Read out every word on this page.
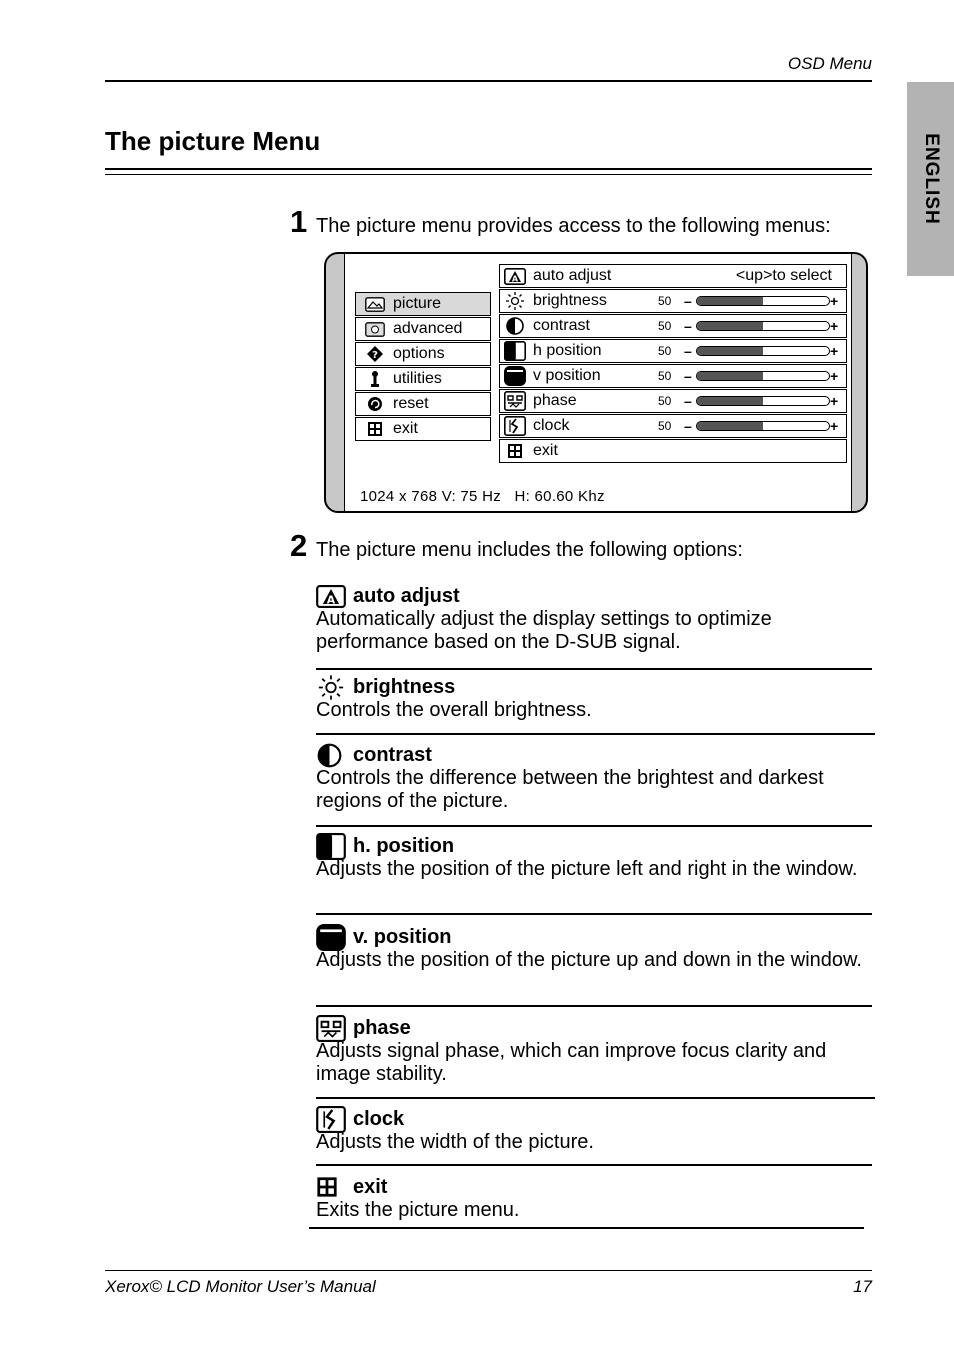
OSD Menu
ENGLISH
The picture Menu
1 The picture menu provides access to the following menus:
picture
advanced
? options
utilities
reset
exit
A auto adjust	<up>to select
brightness	50 –	+
contrast	50 –	+
h position	50 –	+
v position	50 –	+
phase	50 –	+
clock	50 –	+
exit
1024 x 768 V: 75 Hz   H: 60.60 Khz
2 The picture menu includes the following options:
A auto adjust
Automatically adjust the display settings to optimize performance based on the D-SUB signal.
brightness
Controls the overall brightness.
contrast
Controls the difference between the brightest and darkest regions of the picture.
h. position
Adjusts the position of the picture left and right in the window.
v. position
Adjusts the position of the picture up and down in the window.
phase
Adjusts signal phase, which can improve focus clarity and image stability.
clock
Adjusts the width of the picture.
exit
Exits the picture menu.
Xerox© LCD Monitor User’s Manual	17
